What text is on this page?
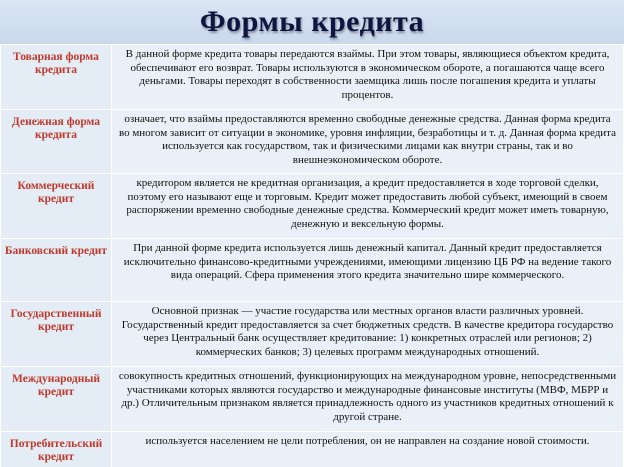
Формы кредита
Товарная форма кредита	В данной форме кредита товары передаются взаймы. При этом товары, являющиеся объектом кредита, обеспечивают его возврат. Товары используются в экономическом обороте, а погашаются чаще всего деньгами. Товары переходят в собственности заемщика лишь после погашения кредита и уплаты процентов.

Денежная форма кредита	означает, что взаймы предоставляются временно свободные денежные средства. Данная форма кредита во многом зависит от ситуации в экономике, уровня инфляции, безработицы и т. д. Данная форма кредита используется как государством, так и физическими лицами как внутри страны, так и во внешнеэкономическом обороте.

Коммерческий кредит	кредитором является не кредитная организация, а кредит предоставляется в ходе торговой сделки, поэтому его называют еще и торговым. Кредит может предоставить любой субъект, имеющий в своем распоряжении временно свободные денежные средства. Коммерческий кредит может иметь товарную, денежную и вексельную формы.

Банковский кредит	При данной форме кредита используется лишь денежный капитал. Данный кредит предоставляется исключительно финансово-кредитными учреждениями, имеющими лицензию ЦБ РФ на ведение такого вида операций. Сфера применения этого кредита значительно шире коммерческого.

Государственный кредит	Основной признак — участие государства или местных органов власти различных уровней. Государственный кредит предоставляется за счет бюджетных средств. В качестве кредитора государство через Центральный банк осуществляет кредитование: 1) конкретных отраслей или регионов; 2) коммерческих банков; 3) целевых программ международных отношений.

Международный кредит	совокупность кредитных отношений, функционирующих на международном уровне, непосредственными участниками которых являются государство и международные финансовые институты (МВФ, МБРР и др.) Отличительным признаком является принадлежность одного из участников кредитных отношений к другой стране.

Потребительский кредит	используется населением не цели потребления, он не направлен на создание новой стоимости.
